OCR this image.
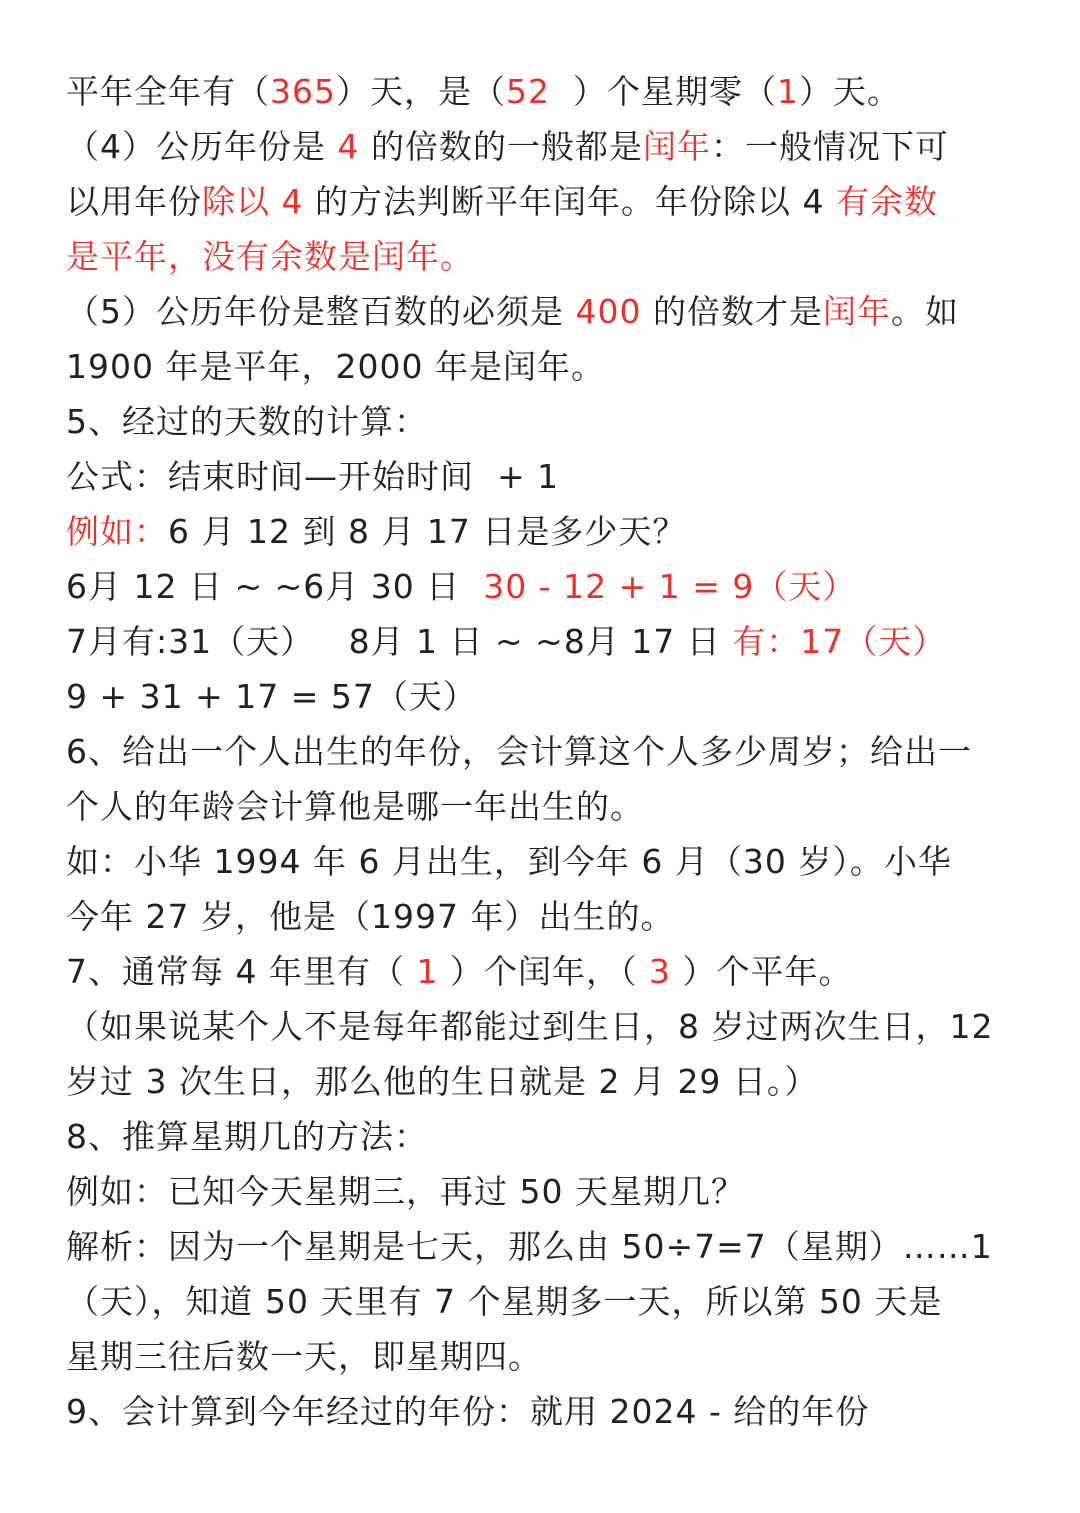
平年全年有（365）天，是（52  ）个星期零（1）天。
（4）公历年份是 4 的倍数的一般都是闰年：一般情况下可
以用年份除以 4 的方法判断平年闰年。年份除以 4 有余数
是平年，没有余数是闰年。
（5）公历年份是整百数的必须是 400 的倍数才是闰年。如
1900 年是平年，2000 年是闰年。
5、经过的天数的计算：
公式：结束时间—开始时间  + 1
例如：6 月 12 到 8 月 17 日是多少天？
6月 12 日 ~ ~6月 30 日  30 - 12 + 1 = 9（天）
7月有:31（天）   8月 1 日 ~ ~8月 17 日 有：17（天）
9 + 31 + 17 = 57（天）
6、给出一个人出生的年份，会计算这个人多少周岁；给出一
个人的年龄会计算他是哪一年出生的。
如：小华 1994 年 6 月出生，到今年 6 月（30 岁）。小华
今年 27 岁，他是（1997 年）出生的。
7、通常每 4 年里有（ 1 ）个闰年，（ 3 ）个平年。
（如果说某个人不是每年都能过到生日，8 岁过两次生日，12
岁过 3 次生日，那么他的生日就是 2 月 29 日。）
8、推算星期几的方法：
例如：已知今天星期三，再过 50 天星期几？
解析：因为一个星期是七天，那么由 50÷7=7（星期）……1
（天），知道 50 天里有 7 个星期多一天，所以第 50 天是
星期三往后数一天，即星期四。
9、会计算到今年经过的年份：就用 2024 - 给的年份
